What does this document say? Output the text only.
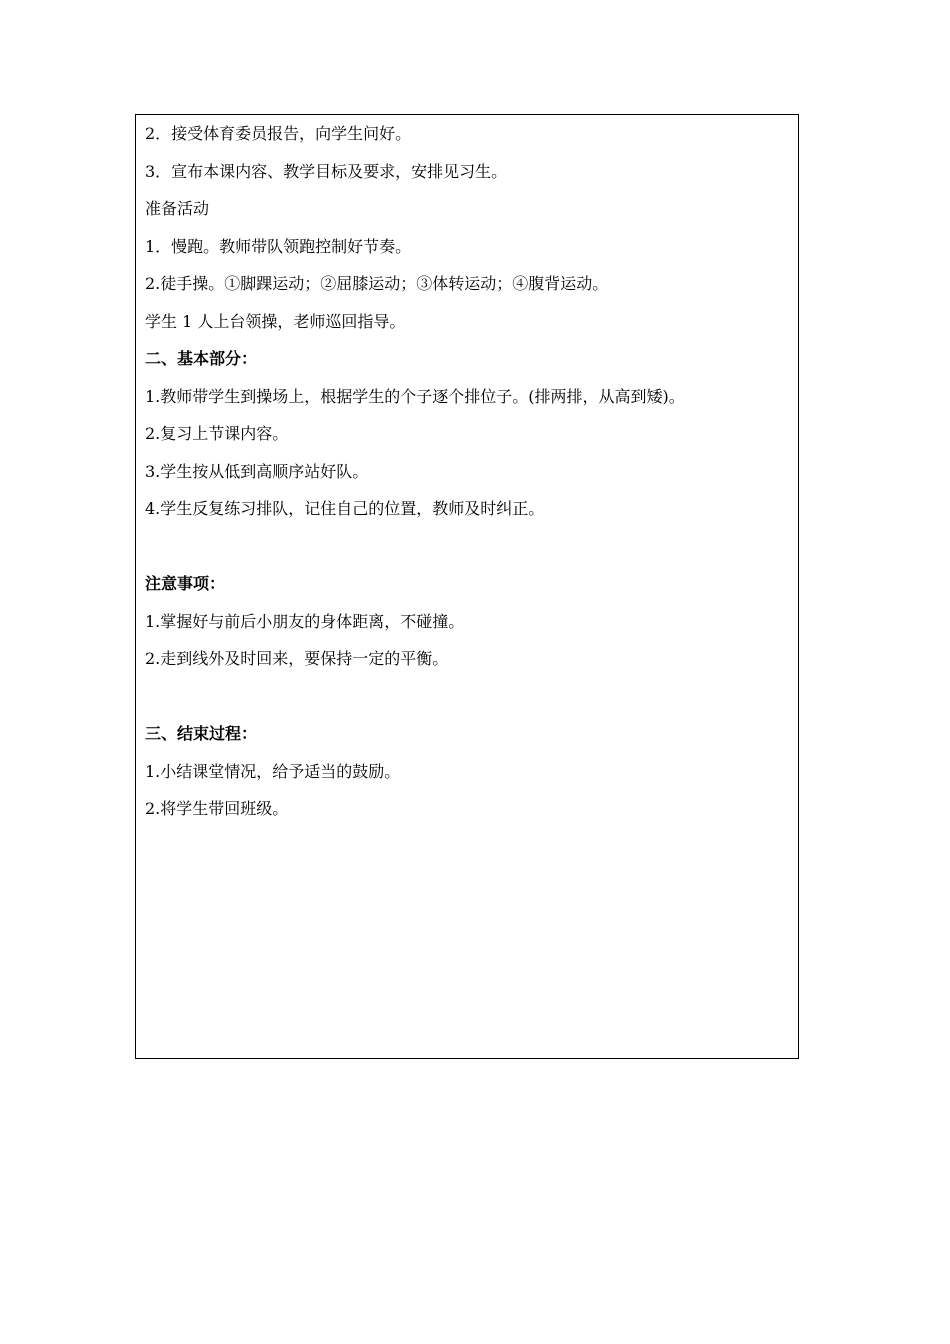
2．接受体育委员报告，向学生问好。
3．宣布本课内容、教学目标及要求，安排见习生。
准备活动
1．慢跑。教师带队领跑控制好节奏。
2.徒手操。①脚踝运动；②屈膝运动；③体转运动；④腹背运动。
学生 1 人上台领操，老师巡回指导。
二、基本部分：
1.教师带学生到操场上，根据学生的个子逐个排位子。(排两排，从高到矮)。
2.复习上节课内容。
3.学生按从低到高顺序站好队。
4.学生反复练习排队，记住自己的位置，教师及时纠正。
注意事项：
1.掌握好与前后小朋友的身体距离，不碰撞。
2.走到线外及时回来，要保持一定的平衡。
三、结束过程：
1.小结课堂情况，给予适当的鼓励。
2.将学生带回班级。
